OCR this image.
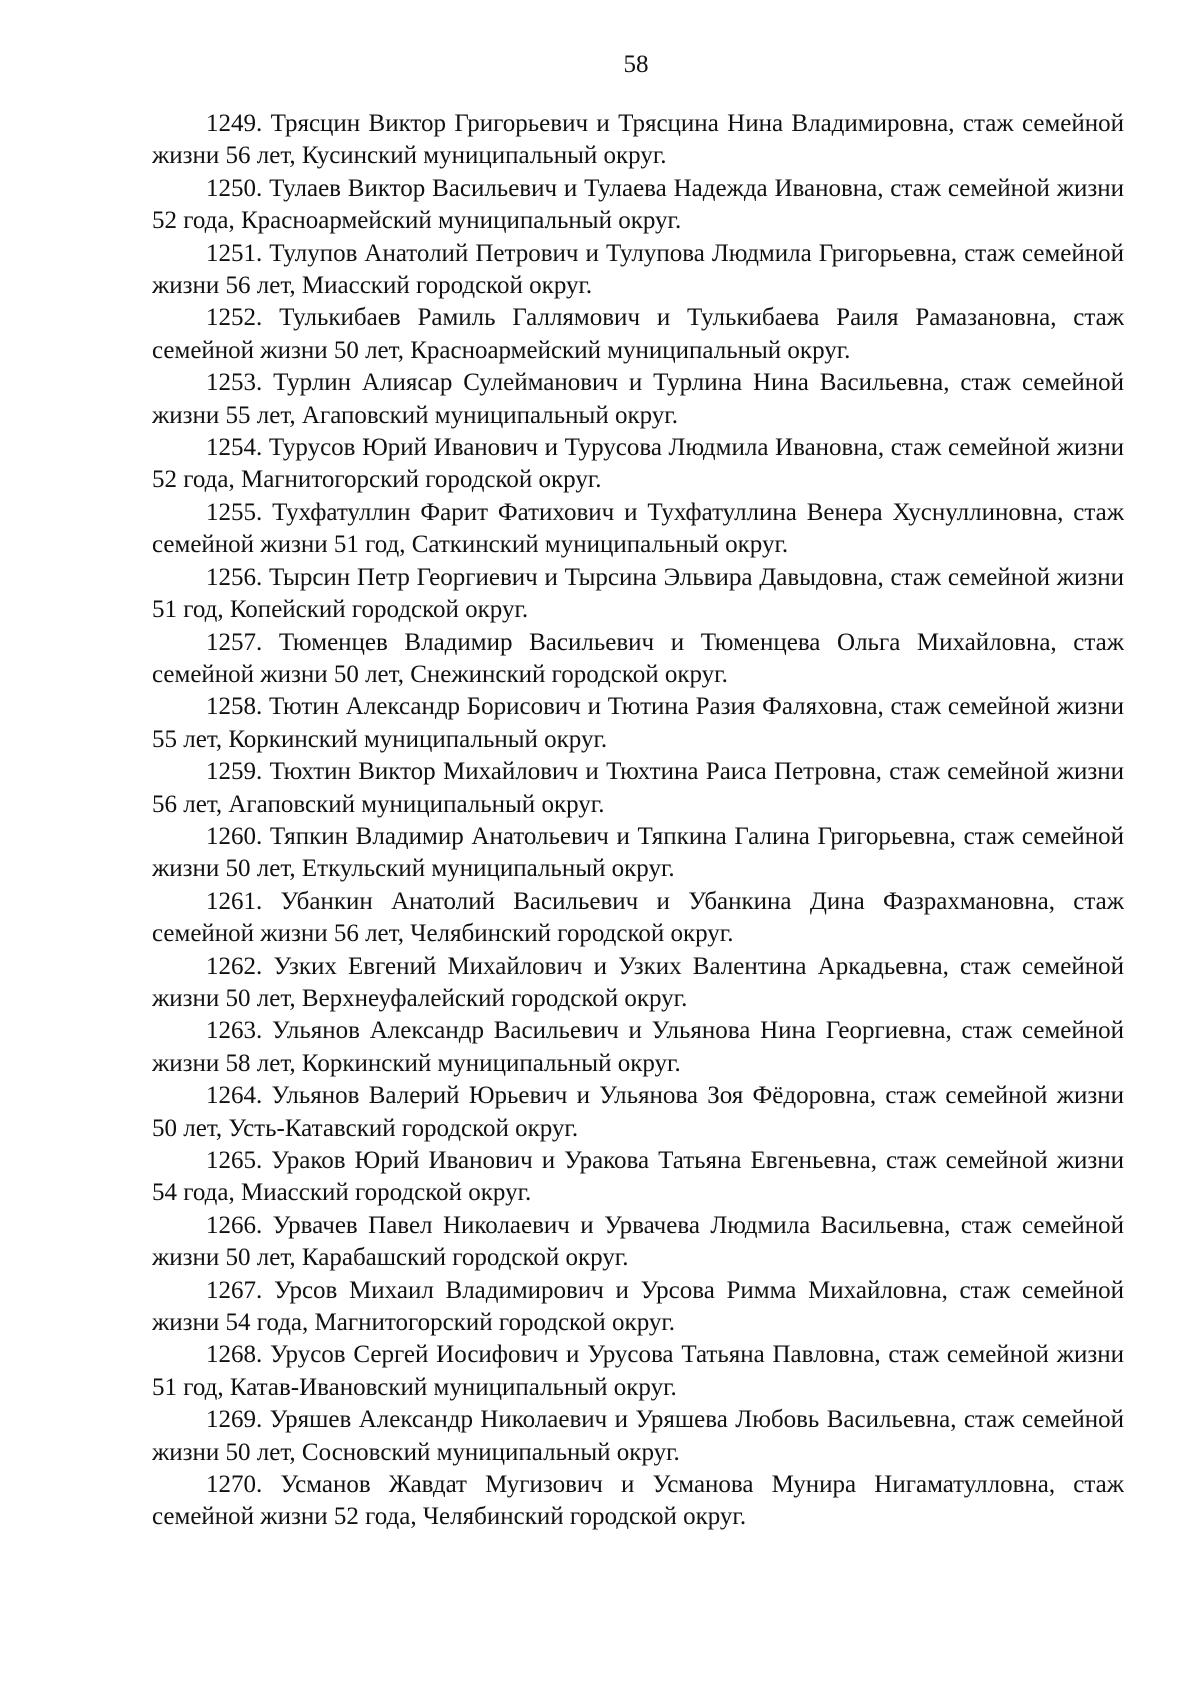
58

1249. Трясцин Виктор Григорьевич и Трясцина Нина Владимировна, стаж семейной жизни 56 лет, Кусинский муниципальный округ.

1250. Тулаев Виктор Васильевич и Тулаева Надежда Ивановна, стаж семейной жизни 52 года, Красноармейский муниципальный округ.

1251. Тулупов Анатолий Петрович и Тулупова Людмила Григорьевна, стаж семейной жизни 56 лет, Миасский городской округ.

1252. Тулькибаев Рамиль Галлямович и Тулькибаева Раиля Рамазановна, стаж семейной жизни 50 лет, Красноармейский муниципальный округ.

1253. Турлин Алиясар Сулейманович и Турлина Нина Васильевна, стаж семейной жизни 55 лет, Агаповский муниципальный округ.

1254. Турусов Юрий Иванович и Турусова Людмила Ивановна, стаж семейной жизни 52 года, Магнитогорский городской округ.

1255. Тухфатуллин Фарит Фатихович и Тухфатуллина Венера Хуснуллиновна, стаж семейной жизни 51 год, Саткинский муниципальный округ.

1256. Тырсин Петр Георгиевич и Тырсина Эльвира Давыдовна, стаж семейной жизни 51 год, Копейский городской округ.

1257. Тюменцев Владимир Васильевич и Тюменцева Ольга Михайловна, стаж семейной жизни 50 лет, Снежинский городской округ.

1258. Тютин Александр Борисович и Тютина Разия Фаляховна, стаж семейной жизни 55 лет, Коркинский муниципальный округ.

1259. Тюхтин Виктор Михайлович и Тюхтина Раиса Петровна, стаж семейной жизни 56 лет, Агаповский муниципальный округ.

1260. Тяпкин Владимир Анатольевич и Тяпкина Галина Григорьевна, стаж семейной жизни 50 лет, Еткульский муниципальный округ.

1261. Убанкин Анатолий Васильевич и Убанкина Дина Фазрахмановна, стаж семейной жизни 56 лет, Челябинский городской округ.

1262. Узких Евгений Михайлович и Узких Валентина Аркадьевна, стаж семейной жизни 50 лет, Верхнеуфалейский городской округ.

1263. Ульянов Александр Васильевич и Ульянова Нина Георгиевна, стаж семейной жизни 58 лет, Коркинский муниципальный округ.

1264. Ульянов Валерий Юрьевич и Ульянова Зоя Фёдоровна, стаж семейной жизни 50 лет, Усть-Катавский городской округ.

1265. Ураков Юрий Иванович и Уракова Татьяна Евгеньевна, стаж семейной жизни 54 года, Миасский городской округ.

1266. Урвачев Павел Николаевич и Урвачева Людмила Васильевна, стаж семейной жизни 50 лет, Карабашский городской округ.

1267. Урсов Михаил Владимирович и Урсова Римма Михайловна, стаж семейной жизни 54 года, Магнитогорский городской округ.

1268. Урусов Сергей Иосифович и Урусова Татьяна Павловна, стаж семейной жизни 51 год, Катав-Ивановский муниципальный округ.

1269. Уряшев Александр Николаевич и Уряшева Любовь Васильевна, стаж семейной жизни 50 лет, Сосновский муниципальный округ.

1270. Усманов Жавдат Мугизович и Усманова Мунира Нигаматулловна, стаж семейной жизни 52 года, Челябинский городской округ.
